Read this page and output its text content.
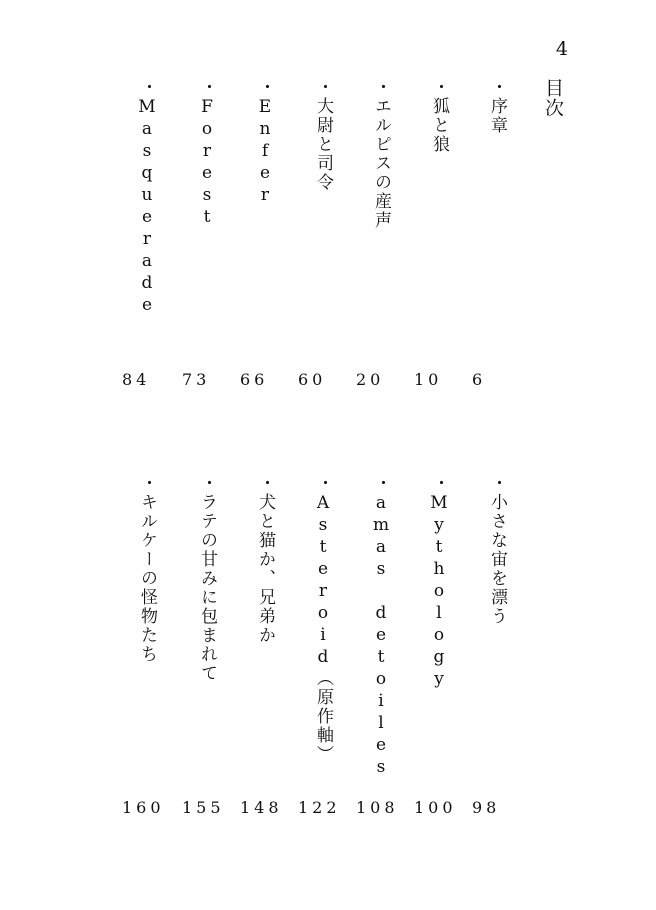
4
目次
・序章
6
・狐と狼
10
・エルピスの産声
20
・大尉と司令
60
・Enfer
66
・Forest
73
・Masquerade
84
・小さな宙を漂う
98
・Mythology
100
・amas detoiles
108
・Asteroid（原作軸）
122
・犬と猫か、兄弟か
148
・ラテの甘みに包まれて
155
・キルケーの怪物たち
160
